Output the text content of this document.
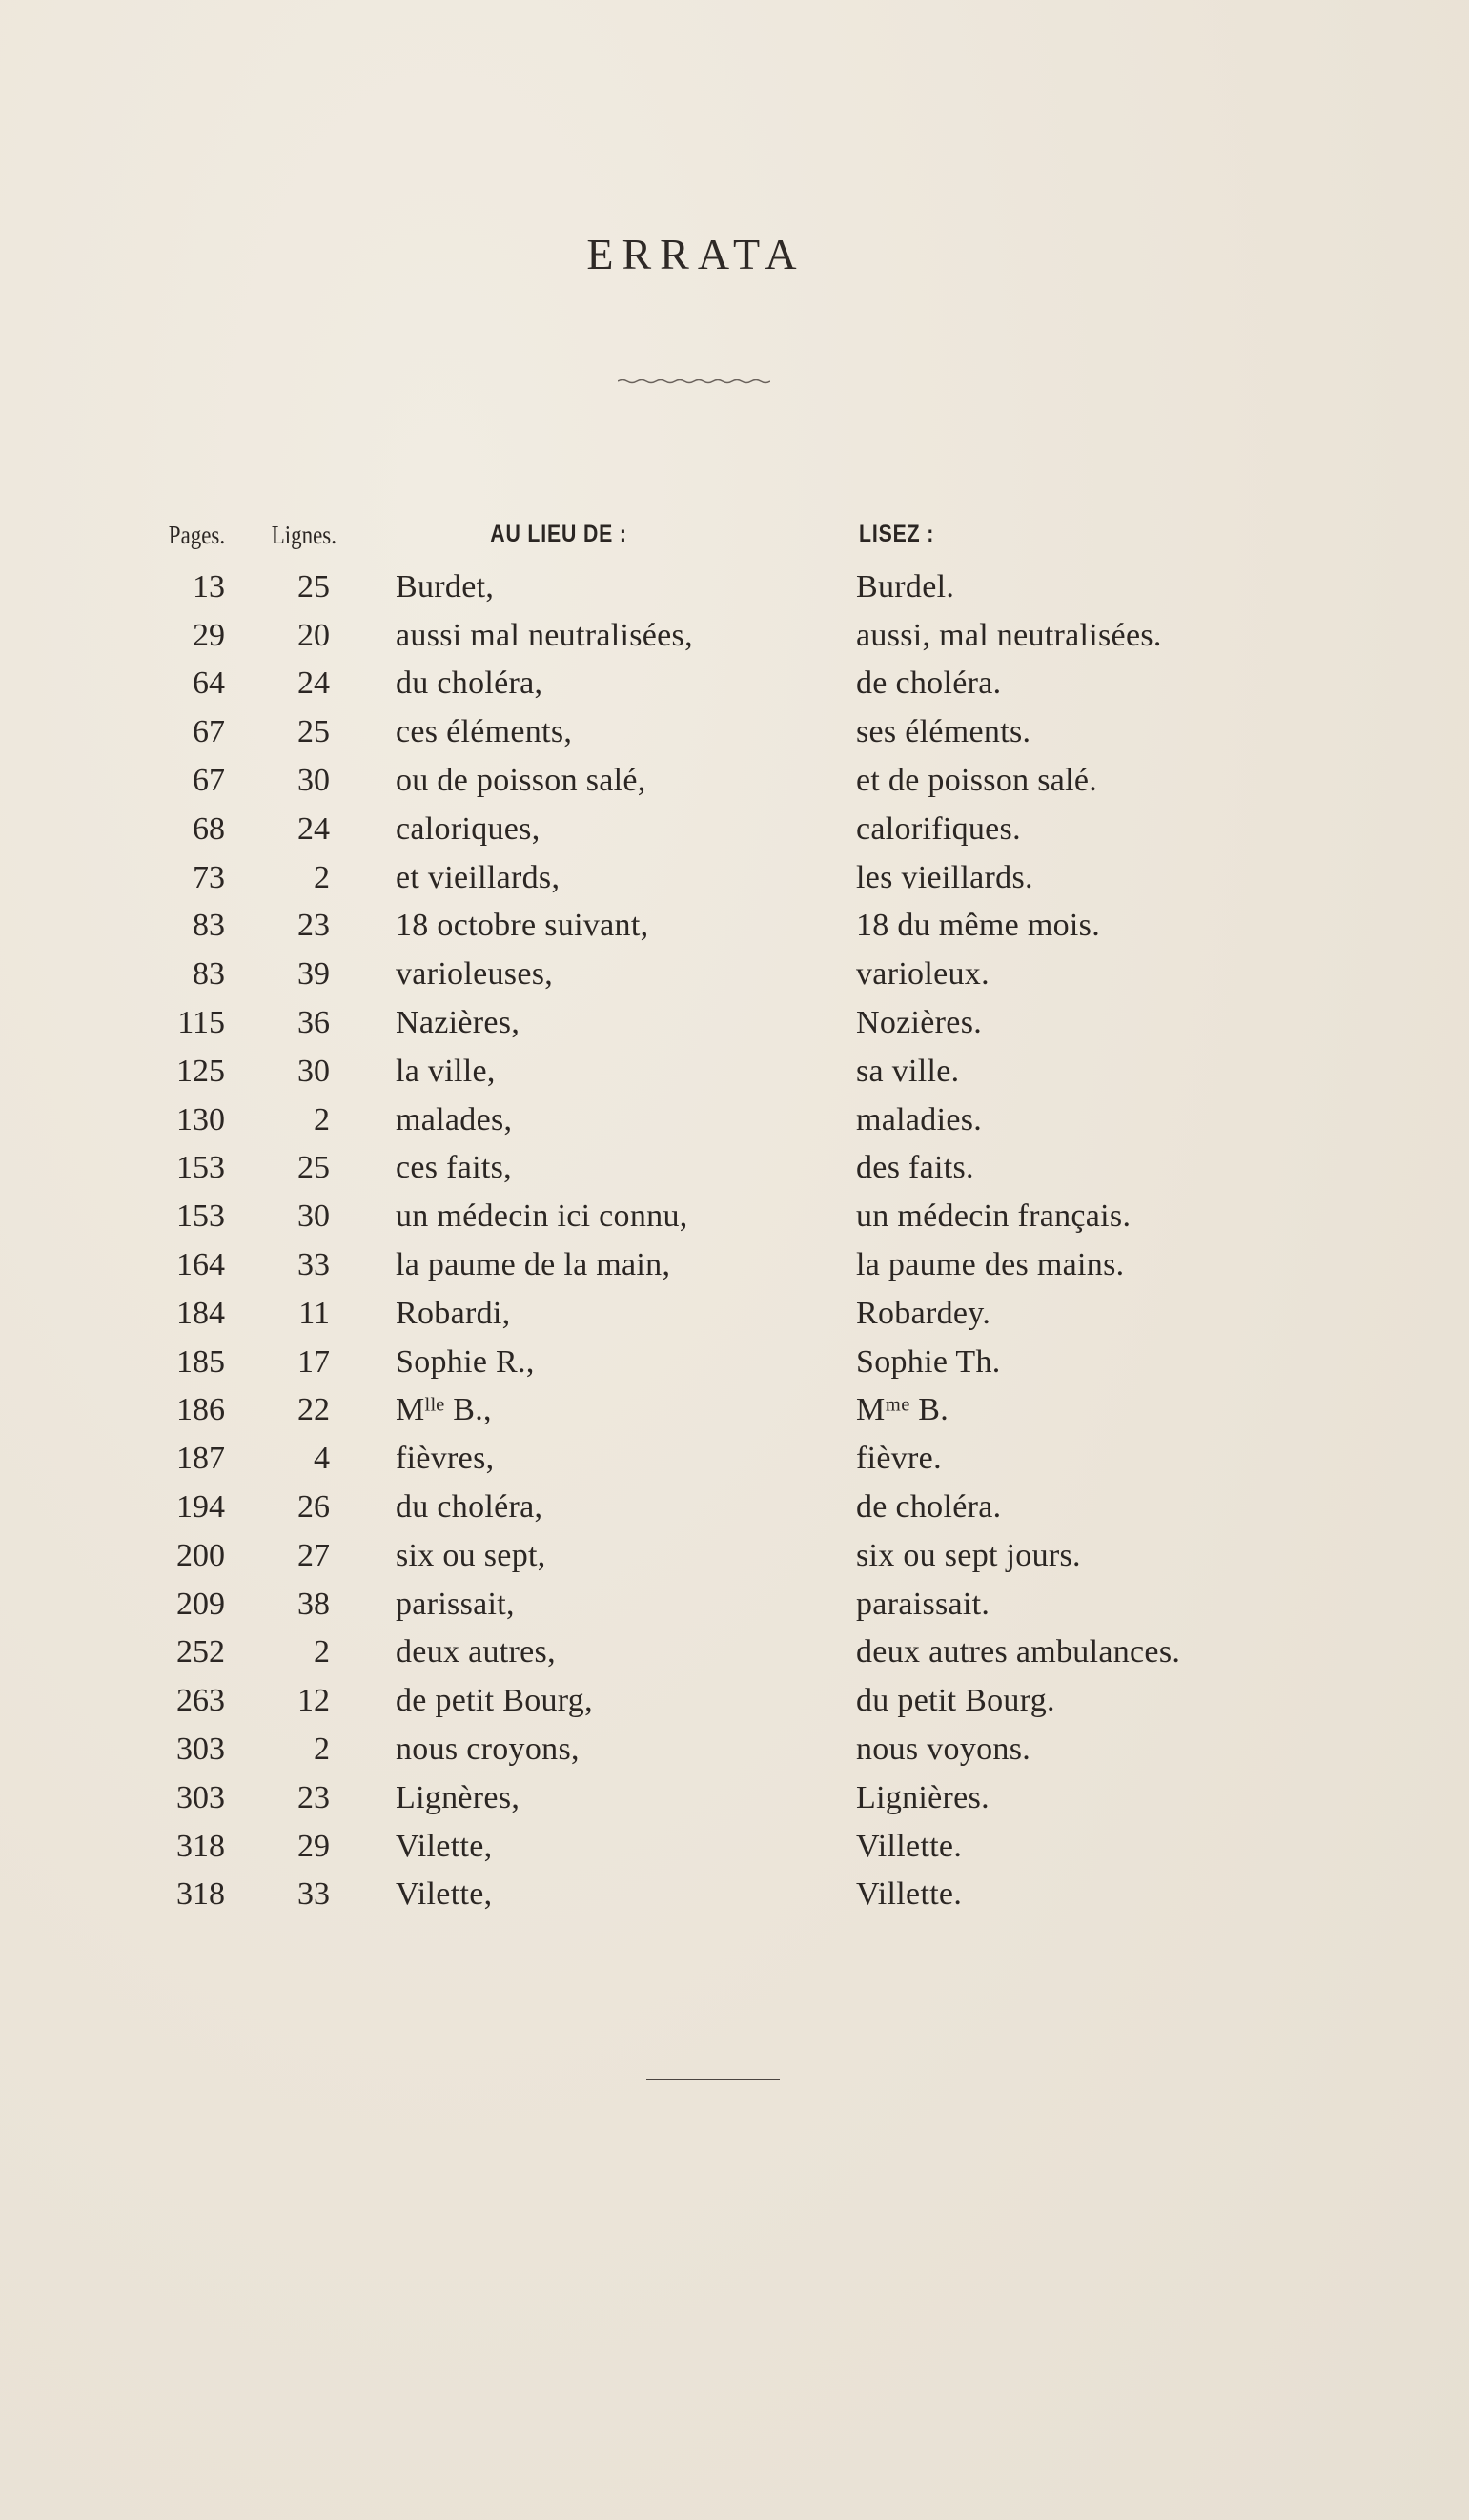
ERRATA
Pages. Lignes.	AU LIEU DE :	LISEZ :
13 25 Burdet,	Burdel.
29 20 aussi mal neutralisées,	aussi, mal neutralisées.
64 24 du choléra,	de choléra.
67 25 ces éléments,	ses éléments.
67 30 ou de poisson salé,	et de poisson salé.
68 24 caloriques,	calorifiques.
73	2 et vieillards,	les vieillards.
83 23 18 octobre suivant,	18 du même mois.
83 39 varioleuses,	varioleux.
115 36 Nazières,	Nozières.
125 30 la ville,	sa ville.
130	2 malades,	maladies.
153 25 ces faits,	des faits.
153 30 un médecin ici connu,	un médecin français.
164 33 la paume de la main,	la paume des mains.
184 11 Robardi,	Robardey.
185 17 Sophie R.,	Sophie Th.
186 22 Mˡˡᵉ B.,	Mᵐᵉ B.
187	4 fièvres,	fièvre.
194 26 du choléra,	de choléra.
200 27 six ou sept,	six ou sept jours.
209 38 parissait,	paraissait.
252	2 deux autres,	deux autres ambulances.
263 12 de petit Bourg,	du petit Bourg.
303	2 nous croyons,	nous voyons.
303 23 Lignères,	Lignières.
318 29 Vilette,	Villette.
318 33 Vilette,	Villette.
